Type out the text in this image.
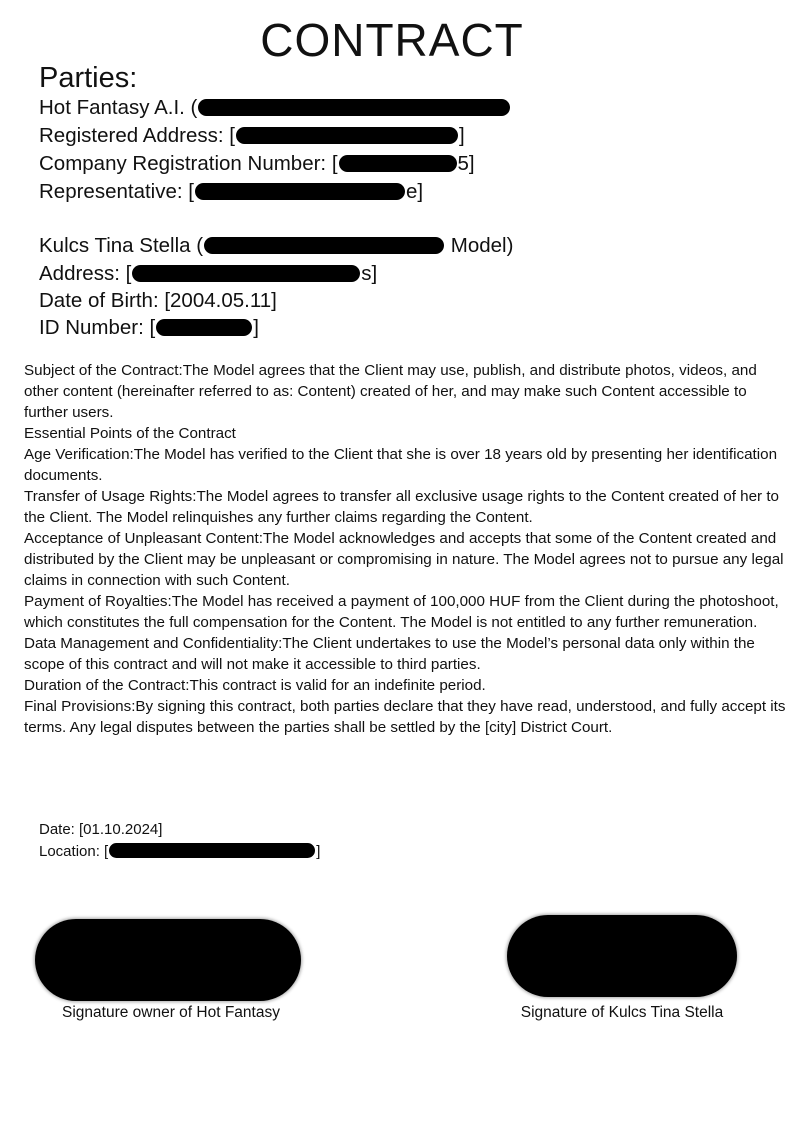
CONTRACT
Parties:
Hot Fantasy A.I. (
Registered Address: [	]
Company Registration Number: [	5]
Representative: [	e]
Kulcs Tina Stella (	Model)
Address: [	s]
Date of Birth: [2004.05.11]
ID Number: [	]

Subject of the Contract:The Model agrees that the Client may use, publish, and distribute photos, videos, and other content (hereinafter referred to as: Content) created of her, and may make such Content accessible to further users.

Essential Points of the Contract

Age Verification:The Model has verified to the Client that she is over 18 years old by presenting her identification documents.

Transfer of Usage Rights:The Model agrees to transfer all exclusive usage rights to the Content created of her to the Client. The Model relinquishes any further claims regarding the Content.

Acceptance of Unpleasant Content:The Model acknowledges and accepts that some of the Content created and distributed by the Client may be unpleasant or compromising in nature. The Model agrees not to pursue any legal claims in connection with such Content.

Payment of Royalties:The Model has received a payment of 100,000 HUF from the Client during the photoshoot, which constitutes the full compensation for the Content. The Model is not entitled to any further remuneration.

Data Management and Confidentiality:The Client undertakes to use the Model’s personal data only within the scope of this contract and will not make it accessible to third parties.

Duration of the Contract:This contract is valid for an indefinite period.

Final Provisions:By signing this contract, both parties declare that they have read, understood, and fully accept its terms. Any legal disputes between the parties shall be settled by the [city] District Court.

Date: [01.10.2024]
Location: [	]
Signature owner of Hot Fantasy	Signature of Kulcs Tina Stella
